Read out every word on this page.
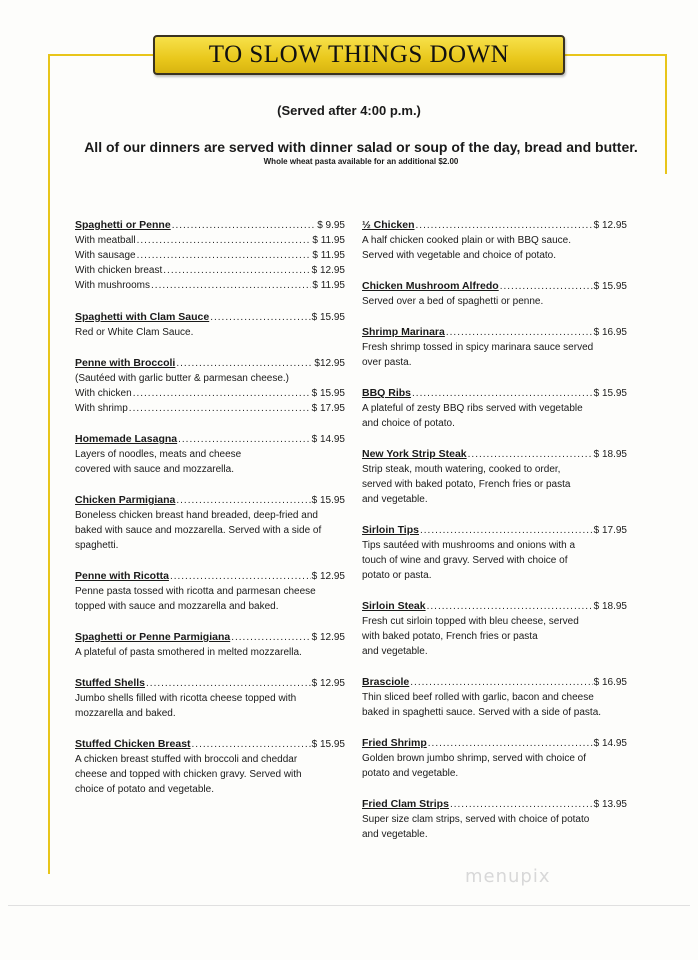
TO SLOW THINGS DOWN
(Served after 4:00 p.m.)
All of our dinners are served with dinner salad or soup of the day, bread and butter.
Whole wheat pasta available for an additional $2.00
Spaghetti or Penne .....	$ 9.95
With meatball .....	$ 11.95
With sausage .....	$ 11.95
With chicken breast .....	$ 12.95
With mushrooms .....	$ 11.95
Spaghetti with Clam Sauce .....	$ 15.95
Red or White Clam Sauce.
Penne with Broccoli .....	$12.95
(Sautéed with garlic butter & parmesan cheese.)
With chicken .....	$ 15.95
With shrimp .....	$ 17.95
Homemade Lasagna .....	$ 14.95
Layers of noodles, meats and cheese
covered with sauce and mozzarella.
Chicken Parmigiana .....	$ 15.95
Boneless chicken breast hand breaded, deep-fried and
baked with sauce and mozzarella. Served with a side of
spaghetti.
Penne with Ricotta .....	$ 12.95
Penne pasta tossed with ricotta and parmesan cheese
topped with sauce and mozzarella and baked.
Spaghetti or Penne Parmigiana .....	$ 12.95
A plateful of pasta smothered in melted mozzarella.
Stuffed Shells .....	$ 12.95
Jumbo shells filled with ricotta cheese topped with
mozzarella and baked.
Stuffed Chicken Breast .....	$ 15.95
A chicken breast stuffed with broccoli and cheddar
cheese and topped with chicken gravy. Served with
choice of potato and vegetable.
½ Chicken .....	$ 12.95
A half chicken cooked plain or with BBQ sauce.
Served with vegetable and choice of potato.
Chicken Mushroom Alfredo .....	$ 15.95
Served over a bed of spaghetti or penne.
Shrimp Marinara .....	$ 16.95
Fresh shrimp tossed in spicy marinara sauce served
over pasta.
BBQ Ribs .....	$ 15.95
A plateful of zesty BBQ ribs served with vegetable
and choice of potato.
New York Strip Steak .....	$ 18.95
Strip steak, mouth watering, cooked to order,
served with baked potato, French fries or pasta
and vegetable.
Sirloin Tips .....	$ 17.95
Tips sautéed with mushrooms and onions with a
touch of wine and gravy. Served with choice of
potato or pasta.
Sirloin Steak .....	$ 18.95
Fresh cut sirloin topped with bleu cheese, served
with baked potato, French fries or pasta
and vegetable.
Brasciole .....	$ 16.95
Thin sliced beef rolled with garlic, bacon and cheese
baked in spaghetti sauce. Served with a side of pasta.
Fried Shrimp .....	$ 14.95
Golden brown jumbo shrimp, served with choice of
potato and vegetable.
Fried Clam Strips .....	$ 13.95
Super size clam strips, served with choice of potato
and vegetable.
menupix
